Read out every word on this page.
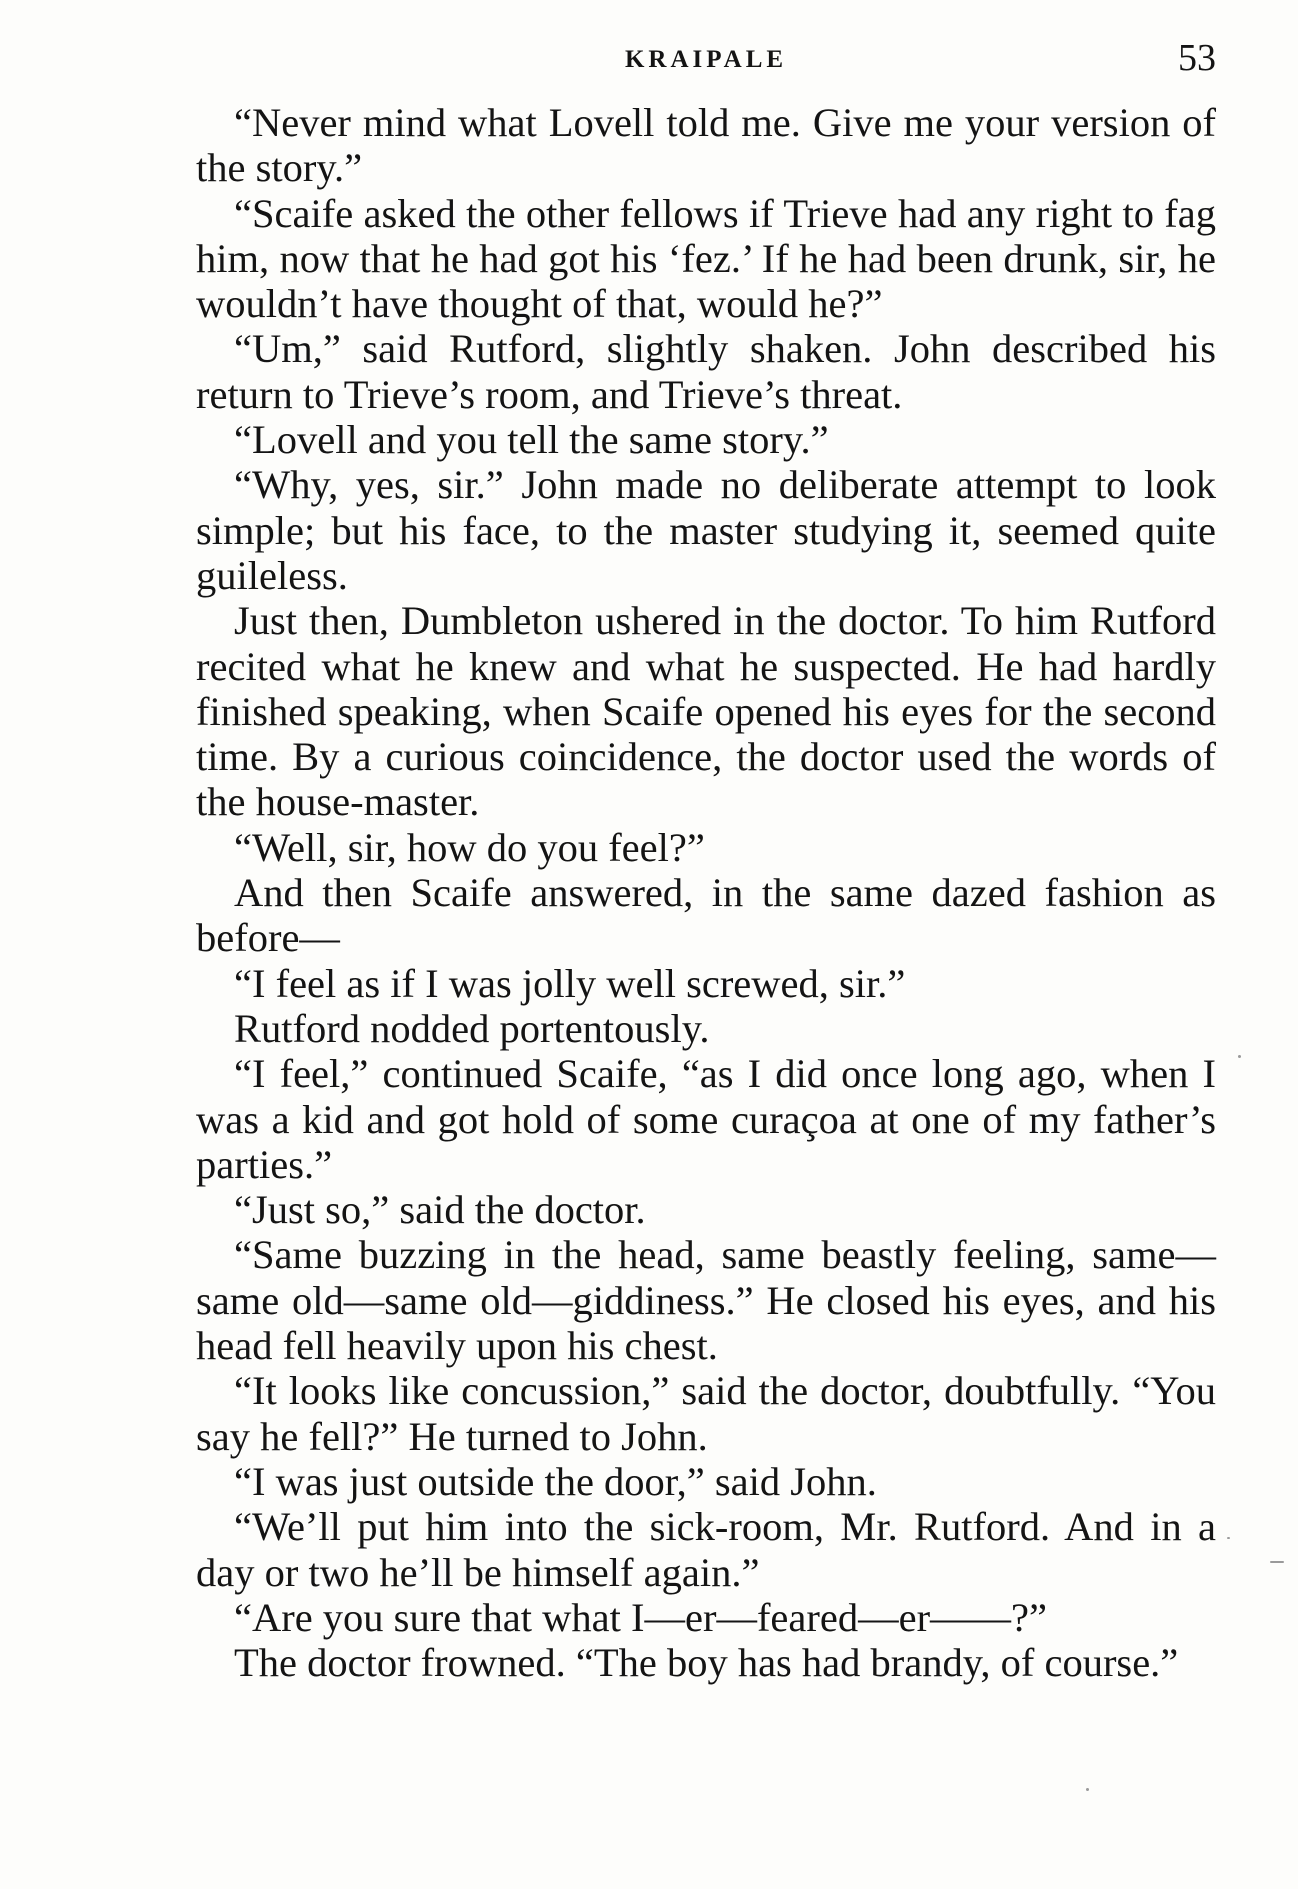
KRAIPALE	53

“Never mind what Lovell told me. Give me your version of the story.”

“Scaife asked the other fellows if Trieve had any right to fag him, now that he had got his ‘fez.’ If he had been drunk, sir, he wouldn’t have thought of that, would he?”

“Um,” said Rutford, slightly shaken. John described his return to Trieve’s room, and Trieve’s threat.

“Lovell and you tell the same story.”

“Why, yes, sir.” John made no deliberate attempt to look simple; but his face, to the master studying it, seemed quite guileless.

Just then, Dumbleton ushered in the doctor. To him Rutford recited what he knew and what he suspected. He had hardly finished speaking, when Scaife opened his eyes for the second time. By a curious coincidence, the doctor used the words of the house-master.

“Well, sir, how do you feel?”

And then Scaife answered, in the same dazed fashion as before—

“I feel as if I was jolly well screwed, sir.”

Rutford nodded portentously.

“I feel,” continued Scaife, “as I did once long ago, when I was a kid and got hold of some curaçoa at one of my father’s parties.”

“Just so,” said the doctor.

“Same buzzing in the head, same beastly feeling, same—same old—same old—giddiness.” He closed his eyes, and his head fell heavily upon his chest.

“It looks like concussion,” said the doctor, doubtfully. “You say he fell?” He turned to John.

“I was just outside the door,” said John.

“We’ll put him into the sick-room, Mr. Rutford. And in a day or two he’ll be himself again.”

“Are you sure that what I—er—feared—er——?”

The doctor frowned. “The boy has had brandy, of course.”
